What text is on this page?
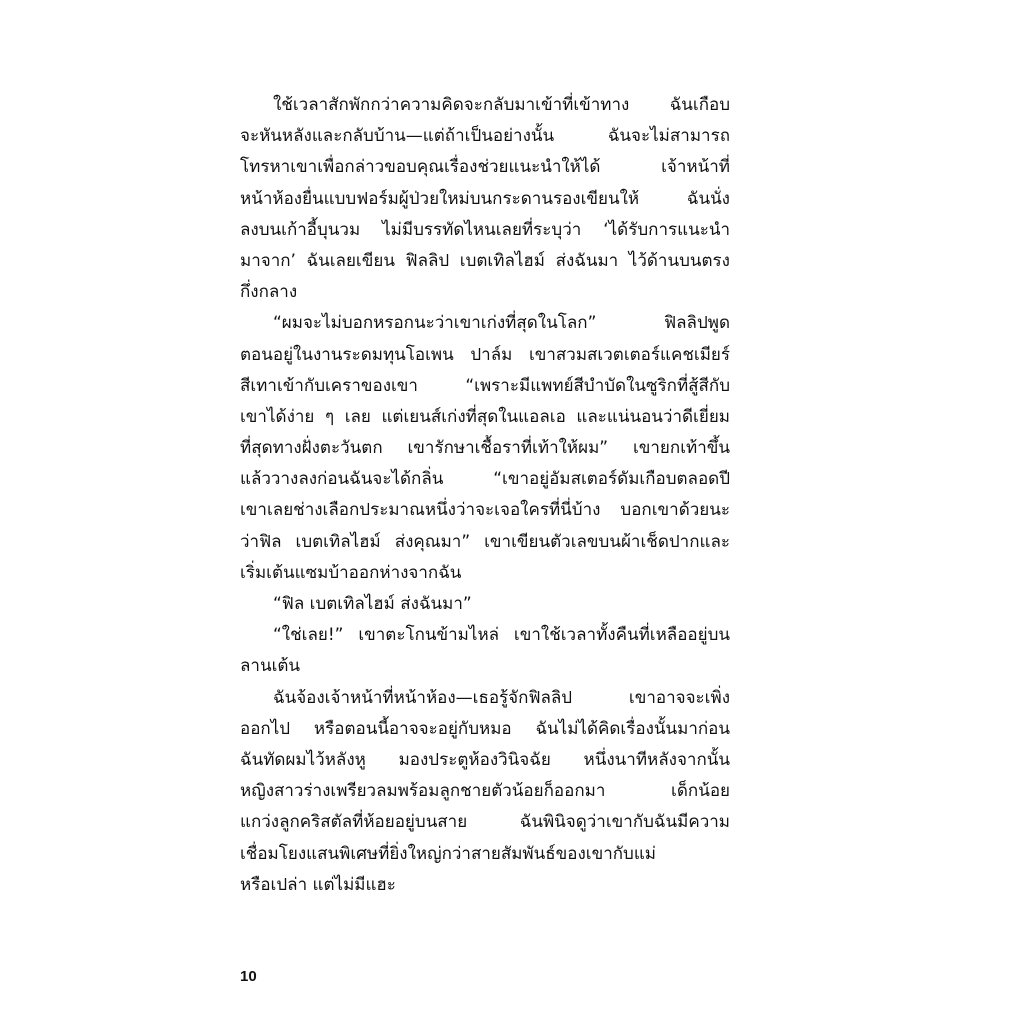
ใช้เวลาสักพักกว่าความคิดจะกลับมาเข้าที่เข้าทาง ฉันเกือบ
จะหันหลังและกลับบ้าน—แต่ถ้าเป็นอย่างนั้น ฉันจะไม่สามารถ
โทรหาเขาเพื่อกล่าวขอบคุณเรื่องช่วยแนะนำให้ได้ เจ้าหน้าที่
หน้าห้องยื่นแบบฟอร์มผู้ป่วยใหม่บนกระดานรองเขียนให้ ฉันนั่ง
ลงบนเก้าอี้บุนวม ไม่มีบรรทัดไหนเลยที่ระบุว่า ‘ได้รับการแนะนำ
มาจาก’ ฉันเลยเขียน ฟิลลิป เบตเทิลไฮม์ ส่งฉันมา ไว้ด้านบนตรง
กึ่งกลาง
“ผมจะไม่บอกหรอกนะว่าเขาเก่งที่สุดในโลก” ฟิลลิปพูด
ตอนอยู่ในงานระดมทุนโอเพน ปาล์ม เขาสวมสเวตเตอร์แคชเมียร์
สีเทาเข้ากับเคราของเขา “เพราะมีแพทย์สีบำบัดในซูริกที่สู้สีกับ
เขาได้ง่าย ๆ เลย แต่เยนส์เก่งที่สุดในแอลเอ และแน่นอนว่าดีเยี่ยม
ที่สุดทางฝั่งตะวันตก เขารักษาเชื้อราที่เท้าให้ผม” เขายกเท้าขึ้น
แล้ววางลงก่อนฉันจะได้กลิ่น “เขาอยู่อัมสเตอร์ดัมเกือบตลอดปี
เขาเลยช่างเลือกประมาณหนึ่งว่าจะเจอใครที่นี่บ้าง บอกเขาด้วยนะ
ว่าฟิล เบตเทิลไฮม์ ส่งคุณมา” เขาเขียนตัวเลขบนผ้าเช็ดปากและ
เริ่มเต้นแซมบ้าออกห่างจากฉัน
“ฟิล เบตเทิลไฮม์ ส่งฉันมา”
“ใช่เลย!” เขาตะโกนข้ามไหล่ เขาใช้เวลาทั้งคืนที่เหลืออยู่บน
ลานเต้น
ฉันจ้องเจ้าหน้าที่หน้าห้อง—เธอรู้จักฟิลลิป เขาอาจจะเพิ่ง
ออกไป หรือตอนนี้อาจจะอยู่กับหมอ ฉันไม่ได้คิดเรื่องนั้นมาก่อน
ฉันทัดผมไว้หลังหู มองประตูห้องวินิจฉัย หนึ่งนาทีหลังจากนั้น
หญิงสาวร่างเพรียวลมพร้อมลูกชายตัวน้อยก็ออกมา เด็กน้อย
แกว่งลูกคริสตัลที่ห้อยอยู่บนสาย ฉันพินิจดูว่าเขากับฉันมีความ
เชื่อมโยงแสนพิเศษที่ยิ่งใหญ่กว่าสายสัมพันธ์ของเขากับแม่
หรือเปล่า แต่ไม่มีแฮะ
10
